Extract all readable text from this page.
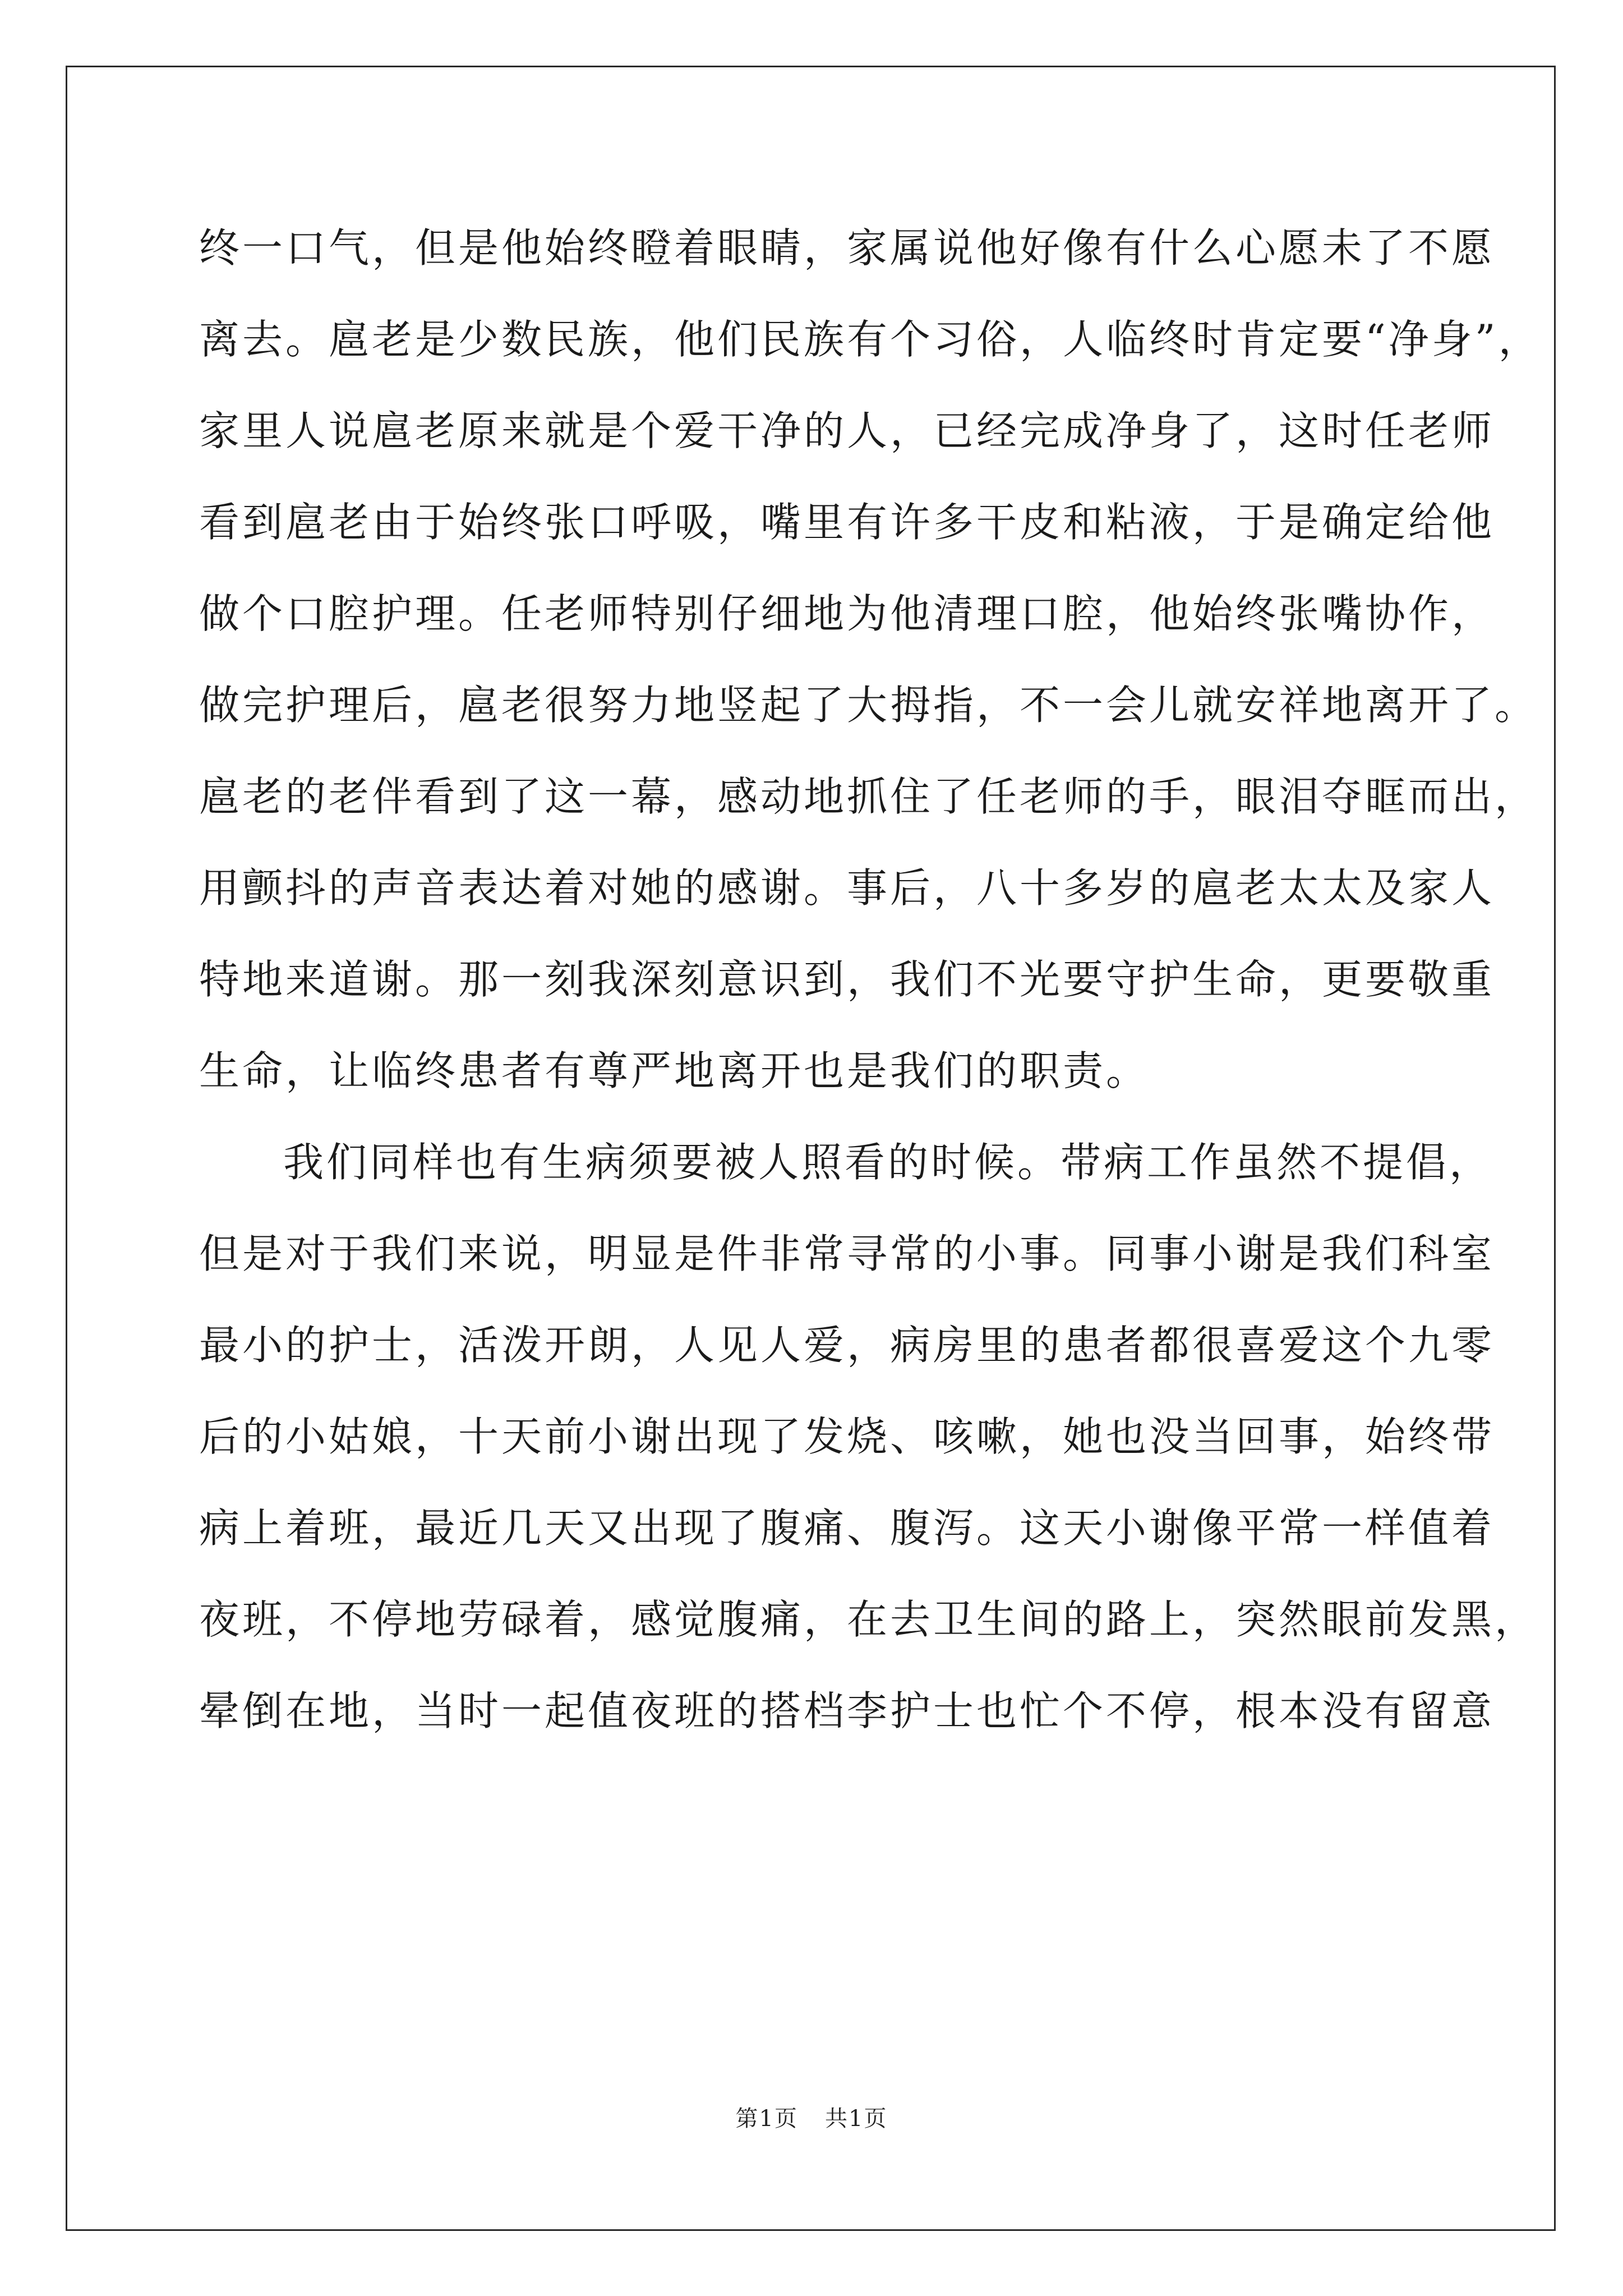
终一口气，但是他始终瞪着眼睛，家属说他好像有什么心愿未了不愿
离去。扈老是少数民族，他们民族有个习俗，人临终时肯定要“净身”，
家里人说扈老原来就是个爱干净的人，已经完成净身了，这时任老师
看到扈老由于始终张口呼吸，嘴里有许多干皮和粘液，于是确定给他
做个口腔护理。任老师特别仔细地为他清理口腔，他始终张嘴协作，
做完护理后，扈老很努力地竖起了大拇指，不一会儿就安祥地离开了。
扈老的老伴看到了这一幕，感动地抓住了任老师的手，眼泪夺眶而出，
用颤抖的声音表达着对她的感谢。事后，八十多岁的扈老太太及家人
特地来道谢。那一刻我深刻意识到，我们不光要守护生命，更要敬重
生命，让临终患者有尊严地离开也是我们的职责。
我们同样也有生病须要被人照看的时候。带病工作虽然不提倡，
但是对于我们来说，明显是件非常寻常的小事。同事小谢是我们科室
最小的护士，活泼开朗，人见人爱，病房里的患者都很喜爱这个九零
后的小姑娘，十天前小谢出现了发烧、咳嗽，她也没当回事，始终带
病上着班，最近几天又出现了腹痛、腹泻。这天小谢像平常一样值着
夜班，不停地劳碌着，感觉腹痛，在去卫生间的路上，突然眼前发黑，
晕倒在地，当时一起值夜班的搭档李护士也忙个不停，根本没有留意
第1页 共1页
